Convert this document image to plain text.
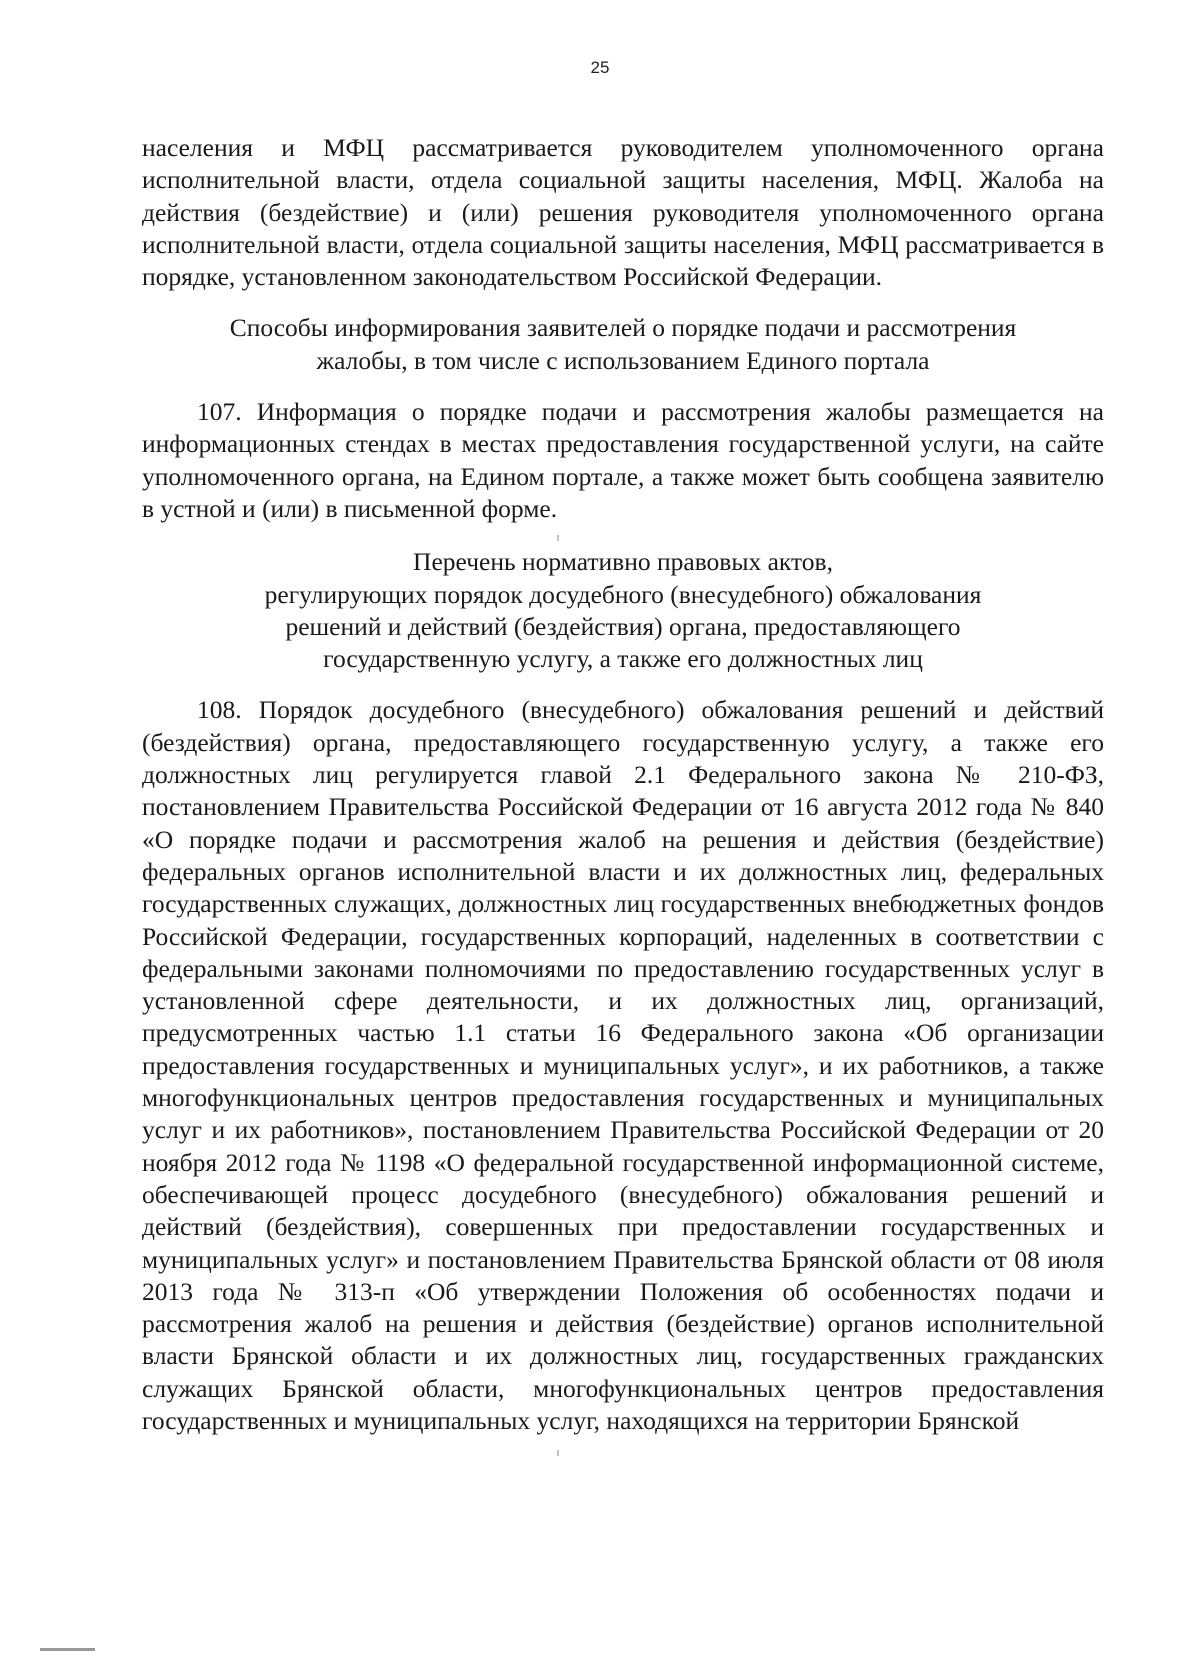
25

населения и МФЦ рассматривается руководителем уполномоченного органа исполнительной власти, отдела социальной защиты населения, МФЦ. Жалоба на действия (бездействие) и (или) решения руководителя уполномоченного органа исполнительной власти, отдела социальной защиты населения, МФЦ рассматривается в порядке, установленном законодательством Российской Федерации.

Способы информирования заявителей о порядке подачи и рассмотрения жалобы, в том числе с использованием Единого портала

107. Информация о порядке подачи и рассмотрения жалобы размещается на информационных стендах в местах предоставления государственной услуги, на сайте уполномоченного органа, на Едином портале, а также может быть сообщена заявителю в устной и (или) в письменной форме.

Перечень нормативно правовых актов,
регулирующих порядок досудебного (внесудебного) обжалования
решений и действий (бездействия) органа, предоставляющего
государственную услугу, а также его должностных лиц

108. Порядок досудебного (внесудебного) обжалования решений и действий (бездействия) органа, предоставляющего государственную услугу, а также его должностных лиц регулируется главой 2.1 Федерального закона № 210-ФЗ, постановлением Правительства Российской Федерации от 16 августа 2012 года № 840 «О порядке подачи и рассмотрения жалоб на решения и действия (бездействие) федеральных органов исполнительной власти и их должностных лиц, федеральных государственных служащих, должностных лиц государственных внебюджетных фондов Российской Федерации, государственных корпораций, наделенных в соответствии с федеральными законами полномочиями по предоставлению государственных услуг в установленной сфере деятельности, и их должностных лиц, организаций, предусмотренных частью 1.1 статьи 16 Федерального закона «Об организации предоставления государственных и муниципальных услуг», и их работников, а также многофункциональных центров предоставления государственных и муниципальных услуг и их работников», постановлением Правительства Российской Федерации от 20 ноября 2012 года № 1198 «О федеральной государственной информационной системе, обеспечивающей процесс досудебного (внесудебного) обжалования решений и действий (бездействия), совершенных при предоставлении государственных и муниципальных услуг» и постановлением Правительства Брянской области от 08 июля 2013 года № 313-п «Об утверждении Положения об особенностях подачи и рассмотрения жалоб на решения и действия (бездействие) органов исполнительной власти Брянской области и их должностных лиц, государственных гражданских служащих Брянской области, многофункциональных центров предоставления государственных и муниципальных услуг, находящихся на территории Брянской
